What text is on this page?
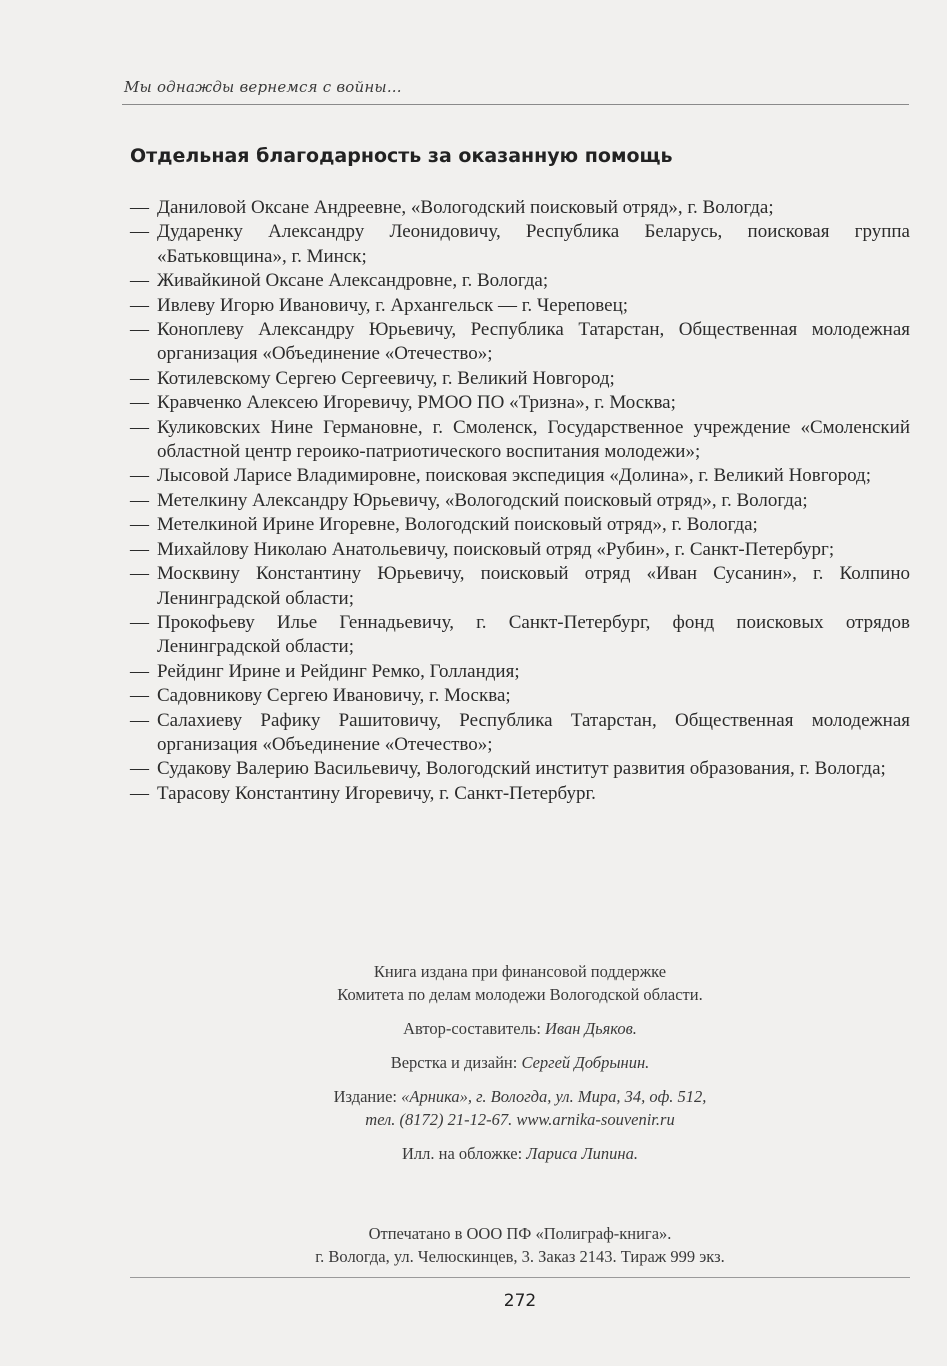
Мы однажды вернемся с войны...
Отдельная благодарность за оказанную помощь
— Даниловой Оксане Андреевне, «Вологодский поисковый отряд», г. Вологда;
— Дударенку Александру Леонидовичу, Республика Беларусь, поисковая группа «Батьковщина», г. Минск;
— Живайкиной Оксане Александровне, г. Вологда;
— Ивлеву Игорю Ивановичу, г. Архангельск — г. Череповец;
— Коноплеву Александру Юрьевичу, Республика Татарстан, Общественная молодежная организация «Объединение «Отечество»;
— Котилевскому Сергею Сергеевичу, г. Великий Новгород;
— Кравченко Алексею Игоревичу, РМОО ПО «Тризна», г. Москва;
— Куликовских Нине Германовне, г. Смоленск, Государственное учреждение «Смоленский областной центр героико-патриотического воспитания молодежи»;
— Лысовой Ларисе Владимировне, поисковая экспедиция «Долина», г. Великий Новгород;
— Метелкину Александру Юрьевичу, «Вологодский поисковый отряд», г. Вологда;
— Метелкиной Ирине Игоревне, Вологодский поисковый отряд», г. Вологда;
— Михайлову Николаю Анатольевичу, поисковый отряд «Рубин», г. Санкт-Петербург;
— Москвину Константину Юрьевичу, поисковый отряд «Иван Сусанин», г. Колпино Ленинградской области;
— Прокофьеву Илье Геннадьевичу, г. Санкт-Петербург, фонд поисковых отрядов Ленинградской области;
— Рейдинг Ирине и Рейдинг Ремко, Голландия;
— Садовникову Сергею Ивановичу, г. Москва;
— Салахиеву Рафику Рашитовичу, Республика Татарстан, Общественная молодежная организация «Объединение «Отечество»;
— Судакову Валерию Васильевичу, Вологодский институт развития образования, г. Вологда;
— Тарасову Константину Игоревичу, г. Санкт-Петербург.

Книга издана при финансовой поддержке

Комитета по делам молодежи Вологодской области.

Автор-составитель: Иван Дьяков.

Верстка и дизайн: Сергей Добрынин.

Издание: «Арника», г. Вологда, ул. Мира, 34, оф. 512,

тел. (8172) 21-12-67. www.arnika-souvenir.ru

Илл. на обложке: Лариса Липина.

Отпечатано в ООО ПФ «Полиграф-книга».

г. Вологда, ул. Челюскинцев, 3. Заказ 2143. Тираж 999 экз.

272
